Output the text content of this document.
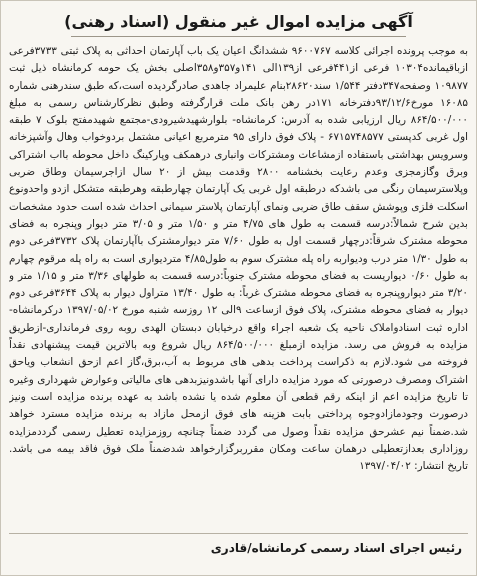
آگهی مزایده اموال غیر منقول (اسناد رهنی)
به موجب پرونده اجرائی کلاسه ۹۶۰۰۷۶۷ ششدانگ اعیان یک باب آپارتمان احداثی به پلاک ثبتی ۳۷۳۳فرعی ازباقیمانده۱۰۳۰۴ فرعی از۴۴۱فرعی از۱۳۹الی ۱۴۱و۳۵۷و۳۵۸اصلی بخش یک حومه کرمانشاه ذیل ثبت ۱۰۹۸۷۷ وصفحه۳۴۷دفتر ۱/۵۴۴ سند۲۸۶۲۰بنام علیمراد جاهدی صادرگردیده است،که طبق سندرهنی شماره ۱۶۰۸۵ مورخ۹۳/۱۲/۶دفترخانه ۱۷۱در رهن بانک ملت قرارگرفته وطبق نظرکارشناس رسمی به مبلغ ۸۶۴/۵۰۰/۰۰۰ ریال ارزیابی شده به آدرس: کرمانشاه- بلوارشهیدشیرودی-مجتمع شهیدمفتح بلوک ۷ طبقه اول غربی کدپستی ۶۷۱۵۷۴۸۵۷۷ - پلاک فوق دارای ۹۵ مترمربع اعیانی مشتمل بردوخواب وهال وآشپزخانه وسرویس بهداشتی باستفاده ازمشاعات ومشترکات وانباری درهمکف وپارکینگ داخل محوطه بااب اشتراکی وبرق وگازمجزی وعدم رعایت بخشنامه ۲۸۰۰ وقدمت بیش از ۲۰ سال ازاجرسیمان وطاق ضربی وپلاسترسیمان رنگی می باشدکه درطبقه اول غربی یک آپارتمان چهارطبقه وهرطبقه متشکل ازدو واحدونوع اسکلت فلزی وپوشش سقف طاق ضربی ونمای آپارتمان پلاستر سیمانی احداث شده است حدود مشخصات بدین شرح شمالاً:درسه قسمت به طول های ۴/۷۵ متر و ۱/۵۰ متر و ۳/۰۵ متر دیوار وپنجره به فضای محوطه مشترک شرقاً:درچهار قسمت اول به طول ۷/۶۰ متر دیوارمشترک باآپارتمان پلاک ۳۷۳۲فرعی دوم به طول ۱/۳۰ متر درب ودیواربه راه پله مشترک سوم به طول۴/۸۵ متردیواری است به راه پله مرقوم چهارم به طول ۰/۶۰ دیواریست به فضای محوطه مشترک جنوباً:درسه قسمت به طولهای ۳/۳۶ متر و ۱/۱۵ متر و ۳/۲۰ متر دیواروپنجره به فضای محوطه مشترک غرباً: به طول ۱۳/۴۰ متراول دیوار به پلاک ۳۶۴۴فرعی دوم دیوار به فضای محوطه مشترک، پلاک فوق ازساعت ۹الی ۱۲ روزسه شنبه مورخ ۱۳۹۷/۰۵/۰۲ درکرمانشاه-اداره ثبت اسنادواملاک ناحیه یک شعبه اجراء واقع درخیابان دبستان الهدی روبه روی فرمانداری-ازطریق مزایده به فروش می رسد. مزایده ازمبلغ ۸۶۴/۵۰۰/۰۰۰ ریال شروع وبه بالاترین قیمت پیشنهادی نقداً فروخته می شود.لازم به ذکراست پرداخت بدهی های مربوط به آب،برق،گاز اعم ازحق انشعاب وياحق اشتراک ومصرف درصورتی که مورد مزایده دارای آنها باشدونیزبدهی های مالیاتی وعوارض شهرداری وغیره تا تاریخ مزایده اعم از اینکه رقم قطعی آن معلوم شده یا نشده باشد به عهده برنده مزایده است ونیز درصورت وجودمازادوجوه پرداختی بابت هزینه های فوق ازمحل مازاد به برنده مزایده مسترد خواهد شد.ضمناً نیم عشرحق مزایده نقداً وصول می گردد ضمناً چنانچه روزمزایده تعطیل رسمی گرددمزایده روزاداری بعدازتعطیلی درهمان ساعت ومکان مقرربرگزارخواهد شدضمناً ملک فوق فاقد بیمه می باشد. تاریخ انتشار: ۱۳۹۷/۰۴/۰۲
رئیس اجرای اسناد رسمی کرمانشاه/قادری
